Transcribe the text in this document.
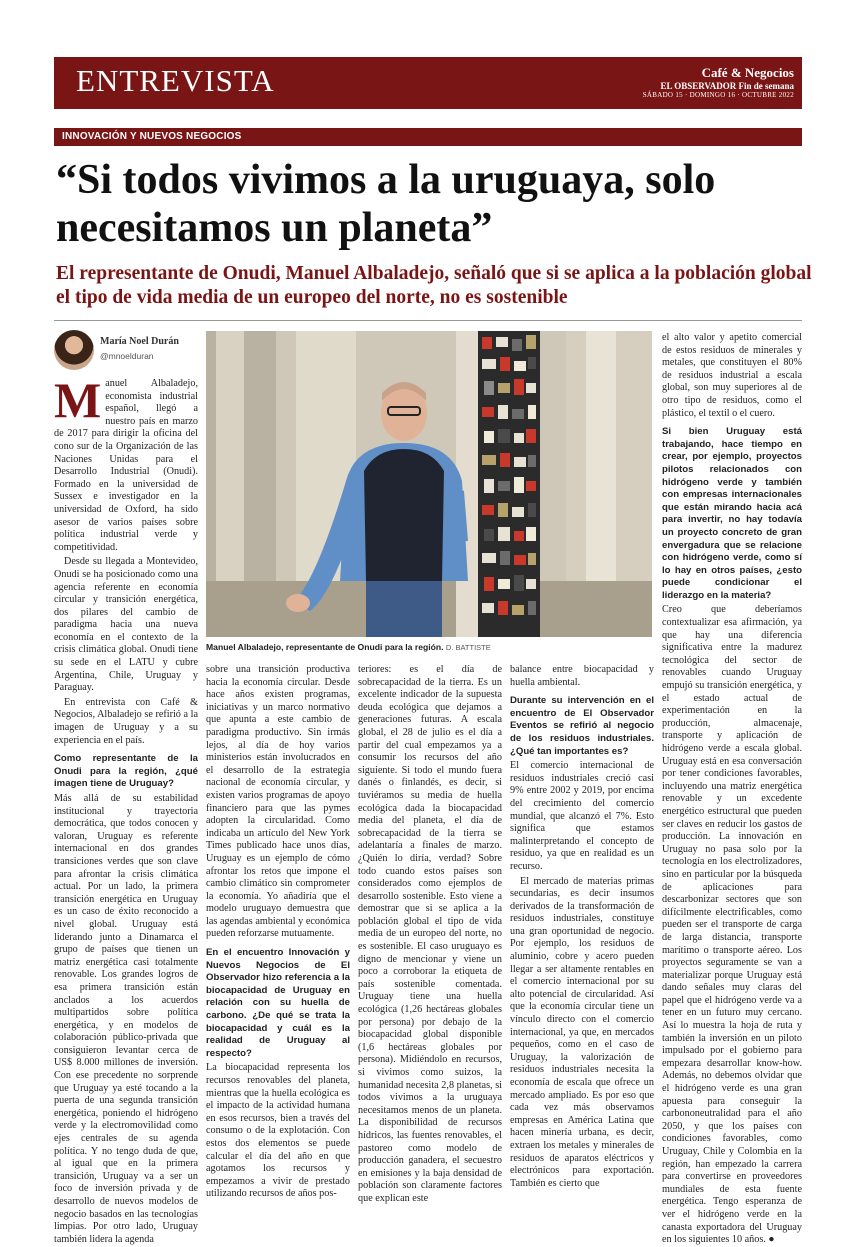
ENTREVISTA	Café & Negocios
EL OBSERVADOR Fin de semana
SÁBADO 15 · DOMINGO 16 · OCTUBRE 2022
INNOVACIÓN Y NUEVOS NEGOCIOS
“Si todos vivimos a la uruguaya, solo necesitamos un planeta”
El representante de Onudi, Manuel Albaladejo, señaló que si se aplica a la población global el tipo de vida media de un europeo del norte, no es sostenible
María Noel Durán
@mnoelduran
Manuel Albaladejo, representante de Onudi para la región. D. BATTISTE

Manuel Albaladejo, economista industrial español, llegó a nuestro país en marzo de 2017 para dirigir la oficina del cono sur de la Organización de las Naciones Unidas para el Desarrollo Industrial (Onudi). Formado en la universidad de Sussex e investigador en la universidad de Oxford, ha sido asesor de varios países sobre política industrial verde y competitividad.

Desde su llegada a Montevideo, Onudi se ha posicionado como una agencia referente en economía circular y transición energética, dos pilares del cambio de paradigma hacia una nueva economía en el contexto de la crisis climática global. Onudi tiene su sede en el LATU y cubre Argentina, Chile, Uruguay y Paraguay.

En entrevista con Café & Negocios, Albaladejo se refirió a la imagen de Uruguay y a su experiencia en el país.

Como representante de la Onudi para la región, ¿qué imagen tiene de Uruguay?

Más allá de su estabilidad institucional y trayectoria democrática, que todos conocen y valoran, Uruguay es referente internacional en dos grandes transiciones verdes que son clave para afrontar la crisis climática actual. Por un lado, la primera transición energética en Uruguay es un caso de éxito reconocido a nivel global. Uruguay está liderando junto a Dinamarca el grupo de países que tienen un matriz energética casi totalmente renovable. Los grandes logros de esa primera transición están anclados a los acuerdos multipartidos sobre política energética, y en modelos de colaboración público-privada que consiguieron levantar cerca de US$ 8.000 millones de inversión. Con ese precedente no sorprende que Uruguay ya esté tocando a la puerta de una segunda transición energética, poniendo el hidrógeno verde y la electromovilidad como ejes centrales de su agenda política. Y no tengo duda de que, al igual que en la primera transición, Uruguay va a ser un foco de inversión privada y de desarrollo de nuevos modelos de negocio basados en las tecnologías limpias. Por otro lado, Uruguay también lidera la agenda

sobre una transición productiva hacia la economía circular. Desde hace años existen programas, iniciativas y un marco normativo que apunta a este cambio de paradigma productivo. Sin irmás lejos, al día de hoy varios ministerios están involucrados en el desarrollo de la estrategia nacional de economía circular, y existen varios programas de apoyo financiero para que las pymes adopten la circularidad. Como indicaba un artículo del New York Times publicado hace unos días, Uruguay es un ejemplo de cómo afrontar los retos que impone el cambio climático sin comprometer la economía. Yo añadiría que el modelo uruguayo demuestra que las agendas ambiental y económica pueden reforzarse mutuamente.

En el encuentro Innovación y Nuevos Negocios de El Observador hizo referencia a la biocapacidad de Uruguay en relación con su huella de carbono. ¿De qué se trata la biocapacidad y cuál es la realidad de Uruguay al respecto?

La biocapacidad representa los recursos renovables del planeta, mientras que la huella ecológica es el impacto de la actividad humana en esos recursos, bien a través del consumo o de la explotación. Con estos dos elementos se puede calcular el día del año en que agotamos los recursos y empezamos a vivir de prestado utilizando recursos de años pos-

teriores: es el día de sobrecapacidad de la tierra. Es un excelente indicador de la supuesta deuda ecológica que dejamos a generaciones futuras. A escala global, el 28 de julio es el día a partir del cual empezamos ya a consumir los recursos del año siguiente. Si todo el mundo fuera danés o finlandés, es decir, si tuviéramos su media de huella ecológica dada la biocapacidad media del planeta, el día de sobrecapacidad de la tierra se adelantaría a finales de marzo. ¿Quién lo diría, verdad? Sobre todo cuando estos países son considerados como ejemplos de desarrollo sostenible. Esto viene a demostrar que si se aplica a la población global el tipo de vida media de un europeo del norte, no es sostenible. El caso uruguayo es digno de mencionar y viene un poco a corroborar la etiqueta de país sostenible comentada. Uruguay tiene una huella ecológica (1,26 hectáreas globales por persona) por debajo de la biocapacidad global disponible (1,6 hectáreas globales por persona). Midiéndolo en recursos, si vivimos como suizos, la humanidad necesita 2,8 planetas, si todos vivimos a la uruguaya necesitamos menos de un planeta. La disponibilidad de recursos hídricos, las fuentes renovables, el pastoreo como modelo de producción ganadera, el secuestro en emisiones y la baja densidad de población son claramente factores que explican este

balance entre biocapacidad y huella ambiental.

Durante su intervención en el encuentro de El Observador Eventos se refirió al negocio de los residuos industriales. ¿Qué tan importantes es?

El comercio internacional de residuos industriales creció casi 9% entre 2002 y 2019, por encima del crecimiento del comercio mundial, que alcanzó el 7%. Esto significa que estamos malinterpretando el concepto de residuo, ya que en realidad es un recurso.

El mercado de materias primas secundarias, es decir insumos derivados de la transformación de residuos industriales, constituye una gran oportunidad de negocio. Por ejemplo, los residuos de aluminio, cobre y acero pueden llegar a ser altamente rentables en el comercio internacional por su alto potencial de circularidad. Así que la economía circular tiene un vínculo directo con el comercio internacional, ya que, en mercados pequeños, como en el caso de Uruguay, la valorización de residuos industriales necesita la economía de escala que ofrece un mercado ampliado. Es por eso que cada vez más observamos empresas en América Latina que hacen minería urbana, es decir, extraen los metales y minerales de residuos de aparatos eléctricos y electrónicos para exportación. También es cierto que

el alto valor y apetito comercial de estos residuos de minerales y metales, que constituyen el 80% de residuos industrial a escala global, son muy superiores al de otro tipo de residuos, como el plástico, el textil o el cuero.

Si bien Uruguay está trabajando, hace tiempo en crear, por ejemplo, proyectos pilotos relacionados con hidrógeno verde y también con empresas internacionales que están mirando hacia acá para invertir, no hay todavía un proyecto concreto de gran envergadura que se relacione con hidrógeno verde, como sí lo hay en otros países, ¿esto puede condicionar el liderazgo en la materia?

Creo que deberíamos contextualizar esa afirmación, ya que hay una diferencia significativa entre la madurez tecnológica del sector de renovables cuando Uruguay empujó su transición energética, y el estado actual de experimentación en la producción, almacenaje, transporte y aplicación de hidrógeno verde a escala global. Uruguay está en esa conversación por tener condiciones favorables, incluyendo una matriz energética renovable y un excedente energético estructural que pueden ser claves en reducir los gastos de producción. La innovación en Uruguay no pasa solo por la tecnología en los electrolizadores, sino en particular por la búsqueda de aplicaciones para descarbonizar sectores que son difícilmente electrificables, como pueden ser el transporte de carga de larga distancia, transporte marítimo o transporte aéreo. Los proyectos seguramente se van a materializar porque Uruguay está dando señales muy claras del papel que el hidrógeno verde va a tener en un futuro muy cercano. Así lo muestra la hoja de ruta y también la inversión en un piloto impulsado por el gobierno para empezara desarrollar know-how. Además, no debemos olvidar que el hidrógeno verde es una gran apuesta para conseguir la carbononeutralidad para el año 2050, y que los países con condiciones favorables, como Uruguay, Chile y Colombia en la región, han empezado la carrera para convertirse en proveedores mundiales de esta fuente energética. Tengo esperanza de ver el hidrógeno verde en la canasta exportadora del Uruguay en los siguientes 10 años. ●
